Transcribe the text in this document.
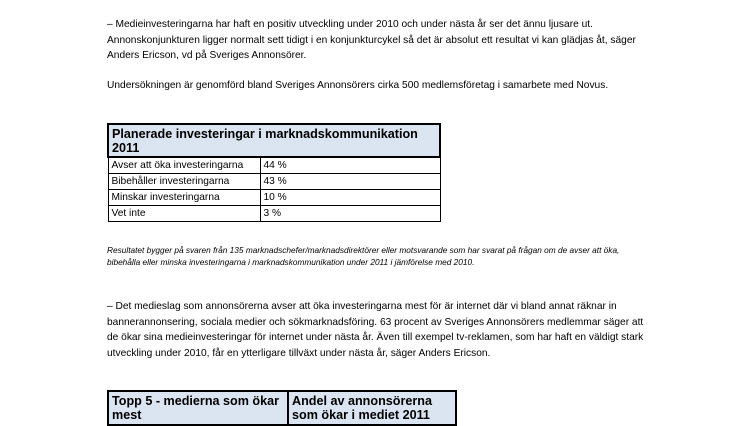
– Medieinvesteringarna har haft en positiv utveckling under 2010 och under nästa år ser det ännu ljusare ut. Annonskonjunkturen ligger normalt sett tidigt i en konjunkturcykel så det är absolut ett resultat vi kan glädjas åt, säger Anders Ericson, vd på Sveriges Annonsörer.

Undersökningen är genomförd bland Sveriges Annonsörers cirka 500 medlemsföretag i samarbete med Novus.

Planerade investeringar i marknadskommunikation 2011	
Avser att öka investeringarna	44 %
Bibehåller investeringarna	43 %
Minskar investeringarna	10 %
Vet inte	3 %

Resultatet bygger på svaren från 135 marknadschefer/marknadsdirektörer eller motsvarande som har svarat på frågan om de avser att öka, bibehålla eller minska investeringarna i marknadskommunikation under 2011 i jämförelse med 2010.

– Det medieslag som annonsörerna avser att öka investeringarna mest för är internet där vi bland annat räknar in bannerannonsering, sociala medier och sökmarknadsföring. 63 procent av Sveriges Annonsörers medlemmar säger att de ökar sina medieinvesteringar för internet under nästa år. Även till exempel tv-reklamen, som har haft en väldigt stark utveckling under 2010, får en ytterligare tillväxt under nästa år, säger Anders Ericson.

Topp 5 - medierna som ökar mest	Andel av annonsörerna som ökar i mediet 2011
